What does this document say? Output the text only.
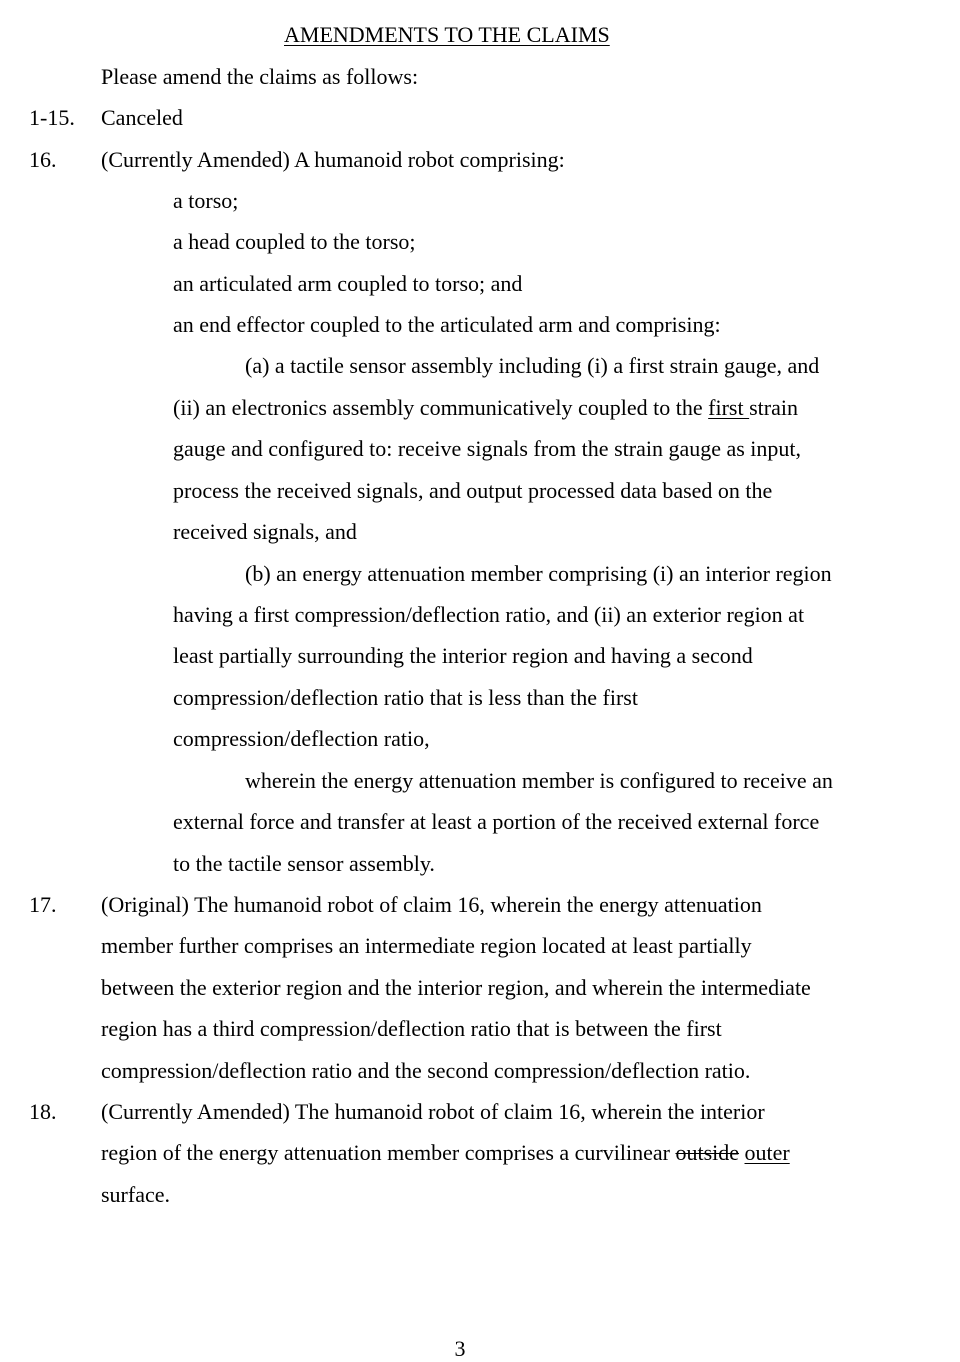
AMENDMENTS TO THE CLAIMS
Please amend the claims as follows:
1-15. Canceled
16. (Currently Amended) A humanoid robot comprising:
a torso;
a head coupled to the torso;
an articulated arm coupled to torso; and
an end effector coupled to the articulated arm and comprising:
(a) a tactile sensor assembly including (i) a first strain gauge, and
(ii) an electronics assembly communicatively coupled to the first strain
gauge and configured to: receive signals from the strain gauge as input,
process the received signals, and output processed data based on the
received signals, and
(b) an energy attenuation member comprising (i) an interior region
having a first compression/deflection ratio, and (ii) an exterior region at
least partially surrounding the interior region and having a second
compression/deflection ratio that is less than the first
compression/deflection ratio,
wherein the energy attenuation member is configured to receive an
external force and transfer at least a portion of the received external force
to the tactile sensor assembly.
17. (Original) The humanoid robot of claim 16, wherein the energy attenuation
member further comprises an intermediate region located at least partially
between the exterior region and the interior region, and wherein the intermediate
region has a third compression/deflection ratio that is between the first
compression/deflection ratio and the second compression/deflection ratio.
18. (Currently Amended) The humanoid robot of claim 16, wherein the interior
region of the energy attenuation member comprises a curvilinear outside outer
surface.
3
